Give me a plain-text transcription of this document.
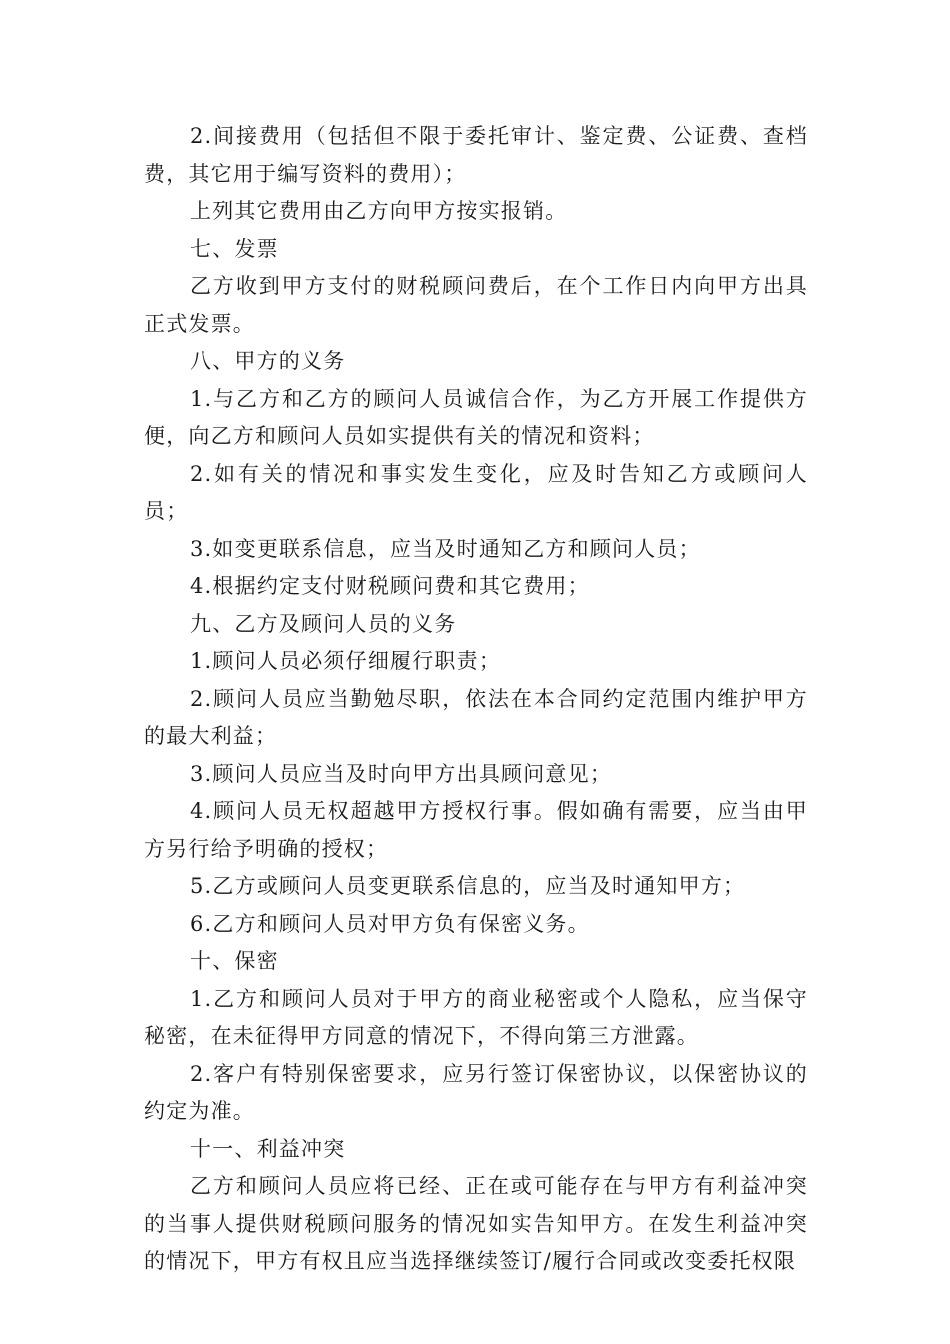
2.间接费用（包括但不限于委托审计、鉴定费、公证费、查档费，其它用于编写资料的费用）；

上列其它费用由乙方向甲方按实报销。

七、发票

乙方收到甲方支付的财税顾问费后，在个工作日内向甲方出具正式发票。

八、甲方的义务

1.与乙方和乙方的顾问人员诚信合作，为乙方开展工作提供方便，向乙方和顾问人员如实提供有关的情况和资料；

2.如有关的情况和事实发生变化，应及时告知乙方或顾问人员；

3.如变更联系信息，应当及时通知乙方和顾问人员；

4.根据约定支付财税顾问费和其它费用；

九、乙方及顾问人员的义务

1.顾问人员必须仔细履行职责；

2.顾问人员应当勤勉尽职，依法在本合同约定范围内维护甲方的最大利益；

3.顾问人员应当及时向甲方出具顾问意见；

4.顾问人员无权超越甲方授权行事。假如确有需要，应当由甲方另行给予明确的授权；

5.乙方或顾问人员变更联系信息的，应当及时通知甲方；

6.乙方和顾问人员对甲方负有保密义务。

十、保密

1.乙方和顾问人员对于甲方的商业秘密或个人隐私，应当保守秘密，在未征得甲方同意的情况下，不得向第三方泄露。

2.客户有特别保密要求，应另行签订保密协议，以保密协议的约定为准。

十一、利益冲突

乙方和顾问人员应将已经、正在或可能存在与甲方有利益冲突的当事人提供财税顾问服务的情况如实告知甲方。在发生利益冲突的情况下，甲方有权且应当选择继续签订/履行合同或改变委托权限
